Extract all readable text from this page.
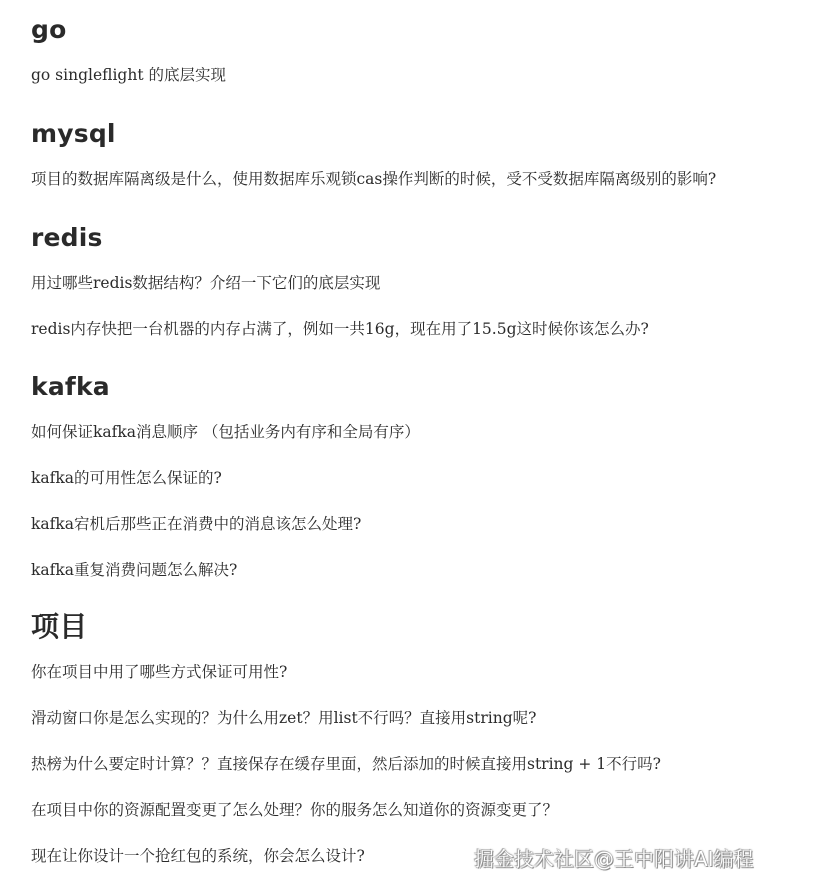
go

go singleflight 的底层实现

mysql

项目的数据库隔离级是什么，使用数据库乐观锁cas操作判断的时候，受不受数据库隔离级别的影响?

redis

用过哪些redis数据结构？介绍一下它们的底层实现

redis内存快把一台机器的内存占满了，例如一共16g，现在用了15.5g这时候你该怎么办?

kafka

如何保证kafka消息顺序 （包括业务内有序和全局有序）

kafka的可用性怎么保证的?

kafka宕机后那些正在消费中的消息该怎么处理?

kafka重复消费问题怎么解决?

项目

你在项目中用了哪些方式保证可用性?

滑动窗口你是怎么实现的？为什么用zet？用list不行吗？直接用string呢?

热榜为什么要定时计算？？直接保存在缓存里面，然后添加的时候直接用string + 1不行吗?

在项目中你的资源配置变更了怎么处理？你的服务怎么知道你的资源变更了？

现在让你设计一个抢红包的系统，你会怎么设计?	掘金技术社区@王中阳讲AI编程
